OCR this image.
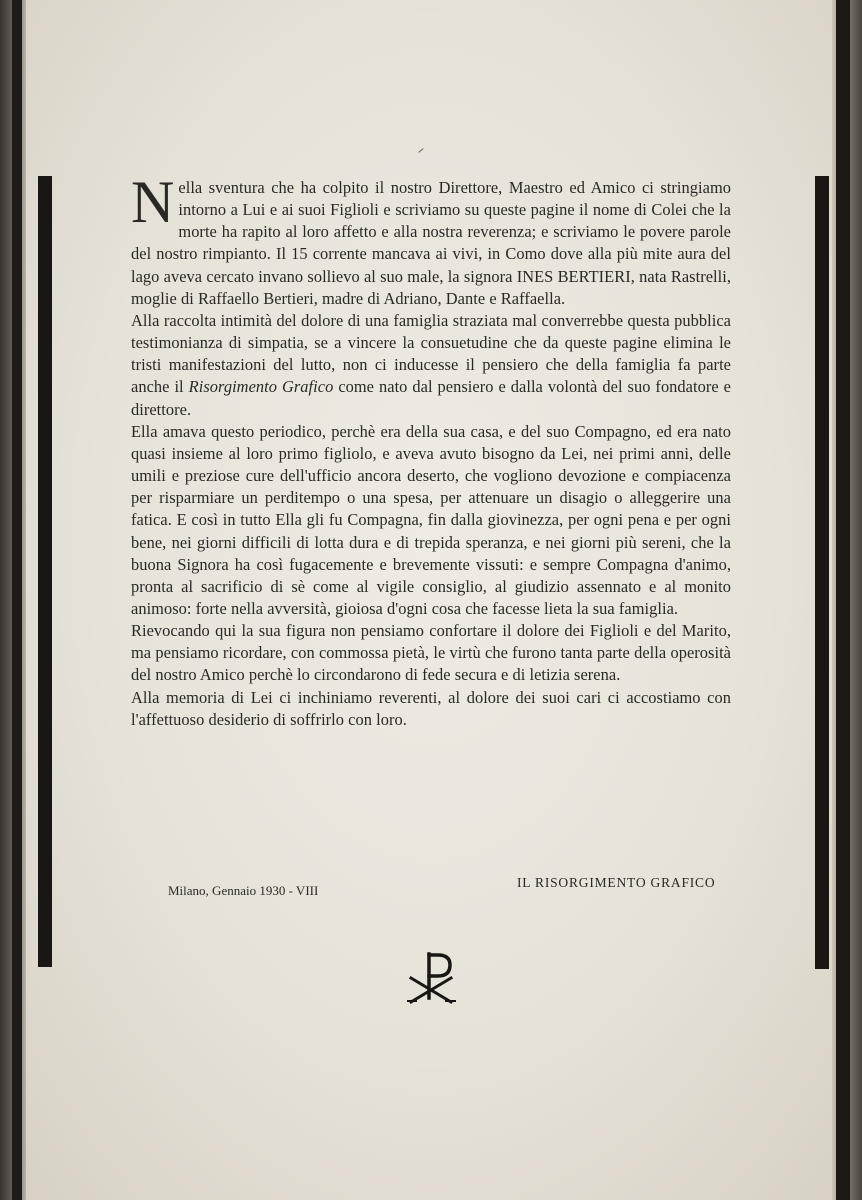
Nella sventura che ha colpito il nostro Direttore, Maestro ed Amico ci stringiamo intorno a Lui e ai suoi Figlioli e scriviamo su queste pagine il nome di Colei che la morte ha rapito al loro affetto e alla nostra reverenza; e scriviamo le povere parole del nostro rimpianto. Il 15 corrente mancava ai vivi, in Como dove alla più mite aura del lago aveva cercato invano sollievo al suo male, la signora INES BERTIERI, nata Rastrelli, moglie di Raffaello Bertieri, madre di Adriano, Dante e Raffaella.

Alla raccolta intimità del dolore di una famiglia straziata mal converrebbe questa pubblica testimonianza di simpatia, se a vincere la consuetudine che da queste pagine elimina le tristi manifestazioni del lutto, non ci inducesse il pensiero che della famiglia fa parte anche il Risorgimento Grafico come nato dal pensiero e dalla volontà del suo fondatore e direttore.

Ella amava questo periodico, perchè era della sua casa, e del suo Compagno, ed era nato quasi insieme al loro primo figliolo, e aveva avuto bisogno da Lei, nei primi anni, delle umili e preziose cure dell'ufficio ancora deserto, che vogliono devozione e compiacenza per risparmiare un perditempo o una spesa, per attenuare un disagio o alleggerire una fatica. E così in tutto Ella gli fu Compagna, fin dalla giovinezza, per ogni pena e per ogni bene, nei giorni difficili di lotta dura e di trepida speranza, e nei giorni più sereni, che la buona Signora ha così fugacemente e brevemente vissuti: e sempre Compagna d'animo, pronta al sacrificio di sè come al vigile consiglio, al giudizio assennato e al monito animoso: forte nella avversità, gioiosa d'ogni cosa che facesse lieta la sua famiglia.

Rievocando qui la sua figura non pensiamo confortare il dolore dei Figlioli e del Marito, ma pensiamo ricordare, con commossa pietà, le virtù che furono tanta parte della operosità del nostro Amico perchè lo circondarono di fede secura e di letizia serena.

Alla memoria di Lei ci inchiniamo reverenti, al dolore dei suoi cari ci accostiamo con l'affettuoso desiderio di soffrirlo con loro.

Milano, Gennaio 1930 - VIII
IL RISORGIMENTO GRAFICO
